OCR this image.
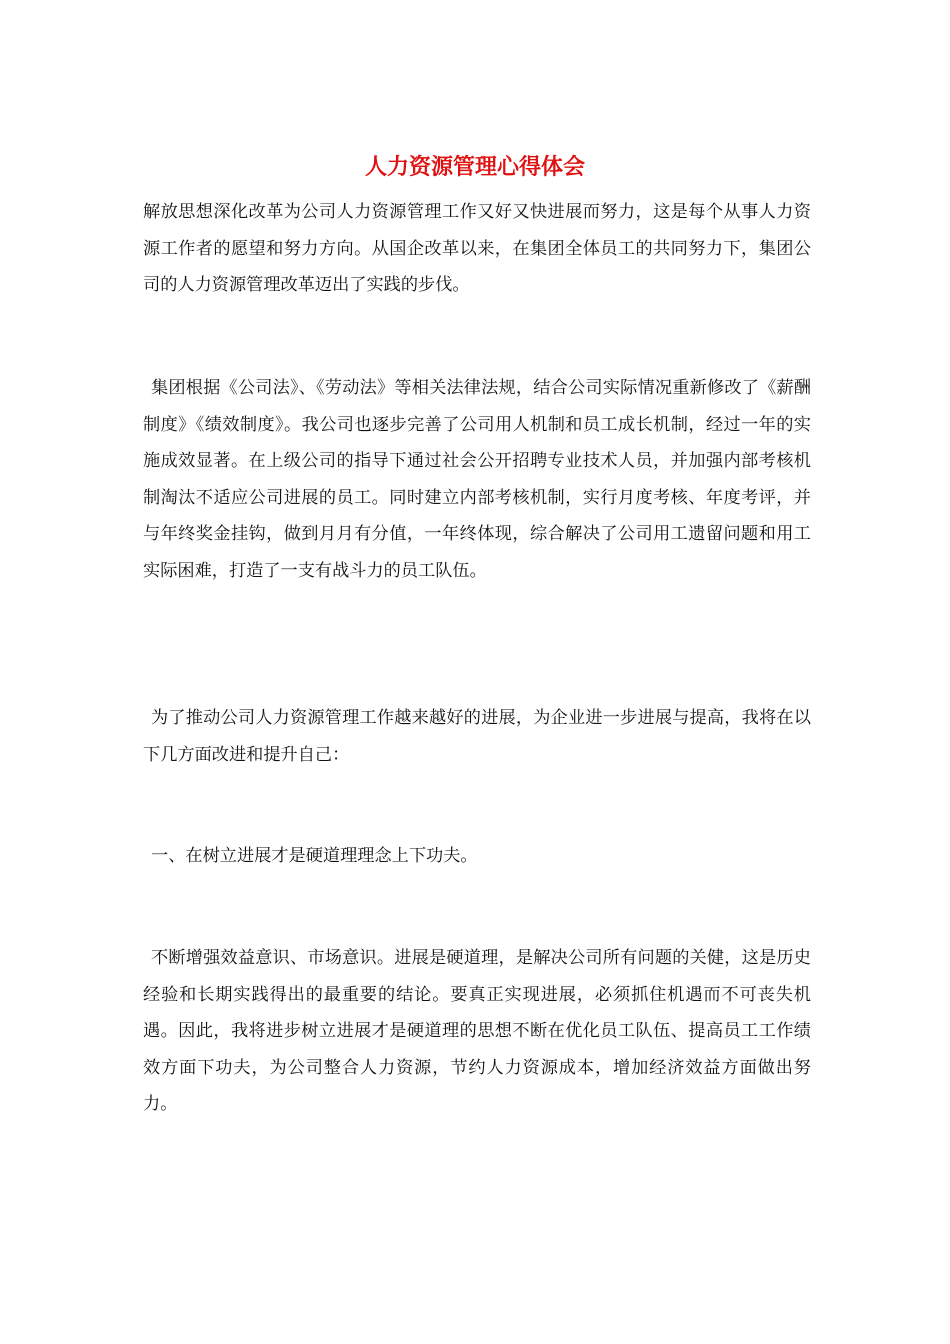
人力资源管理心得体会

解放思想深化改革为公司人力资源管理工作又好又快进展而努力，这是每个从事人力资源工作者的愿望和努力方向。从国企改革以来，在集团全体员工的共同努力下，集团公司的人力资源管理改革迈出了实践的步伐。

集团根据《公司法》、《劳动法》等相关法律法规，结合公司实际情况重新修改了《薪酬制度》《绩效制度》。我公司也逐步完善了公司用人机制和员工成长机制，经过一年的实施成效显著。在上级公司的指导下通过社会公开招聘专业技术人员，并加强内部考核机制淘汰不适应公司进展的员工。同时建立内部考核机制，实行月度考核、年度考评，并与年终奖金挂钩，做到月月有分值，一年终体现，综合解决了公司用工遗留问题和用工实际困难，打造了一支有战斗力的员工队伍。

为了推动公司人力资源管理工作越来越好的进展，为企业进一步进展与提高，我将在以下几方面改进和提升自己：

一、在树立进展才是硬道理理念上下功夫。

不断增强效益意识、市场意识。进展是硬道理，是解决公司所有问题的关健，这是历史经验和长期实践得出的最重要的结论。要真正实现进展，必须抓住机遇而不可丧失机遇。因此，我将进步树立进展才是硬道理的思想不断在优化员工队伍、提高员工工作绩效方面下功夫，为公司整合人力资源，节约人力资源成本，增加经济效益方面做出努力。
